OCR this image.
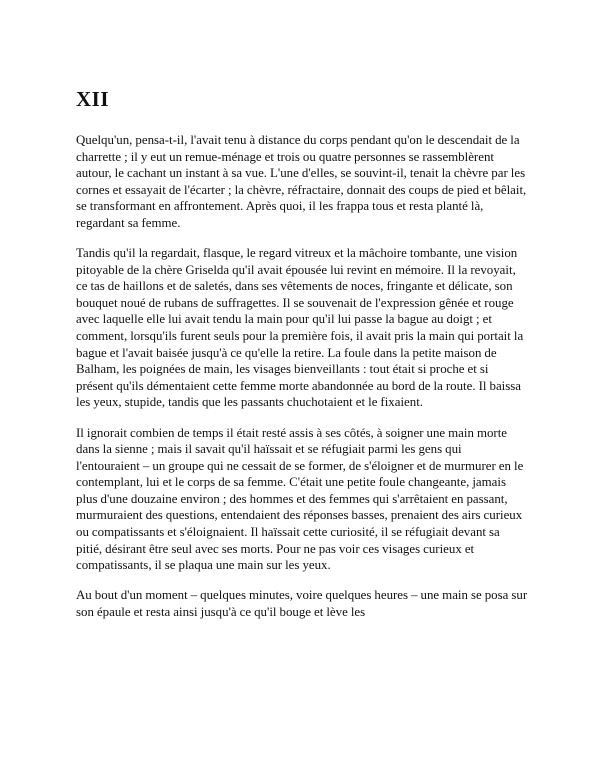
XII

Quelqu'un, pensa-t-il, l'avait tenu à distance du corps pendant qu'on le descendait de la charrette ; il y eut un remue-ménage et trois ou quatre personnes se rassemblèrent autour, le cachant un instant à sa vue. L'une d'elles, se souvint-il, tenait la chèvre par les cornes et essayait de l'écarter ; la chèvre, réfractaire, donnait des coups de pied et bêlait, se transformant en affrontement. Après quoi, il les frappa tous et resta planté là, regardant sa femme.

Tandis qu'il la regardait, flasque, le regard vitreux et la mâchoire tombante, une vision pitoyable de la chère Griselda qu'il avait épousée lui revint en mémoire. Il la revoyait, ce tas de haillons et de saletés, dans ses vêtements de noces, fringante et délicate, son bouquet noué de rubans de suffragettes. Il se souvenait de l'expression gênée et rouge avec laquelle elle lui avait tendu la main pour qu'il lui passe la bague au doigt ; et comment, lorsqu'ils furent seuls pour la première fois, il avait pris la main qui portait la bague et l'avait baisée jusqu'à ce qu'elle la retire. La foule dans la petite maison de Balham, les poignées de main, les visages bienveillants : tout était si proche et si présent qu'ils démentaient cette femme morte abandonnée au bord de la route. Il baissa les yeux, stupide, tandis que les passants chuchotaient et le fixaient.

Il ignorait combien de temps il était resté assis à ses côtés, à soigner une main morte dans la sienne ; mais il savait qu'il haïssait et se réfugiait parmi les gens qui l'entouraient – un groupe qui ne cessait de se former, de s'éloigner et de murmurer en le contemplant, lui et le corps de sa femme. C'était une petite foule changeante, jamais plus d'une douzaine environ ; des hommes et des femmes qui s'arrêtaient en passant, murmuraient des questions, entendaient des réponses basses, prenaient des airs curieux ou compatissants et s'éloignaient. Il haïssait cette curiosité, il se réfugiait devant sa pitié, désirant être seul avec ses morts. Pour ne pas voir ces visages curieux et compatissants, il se plaqua une main sur les yeux.

Au bout d'un moment – quelques minutes, voire quelques heures – une main se posa sur son épaule et resta ainsi jusqu'à ce qu'il bouge et lève les
